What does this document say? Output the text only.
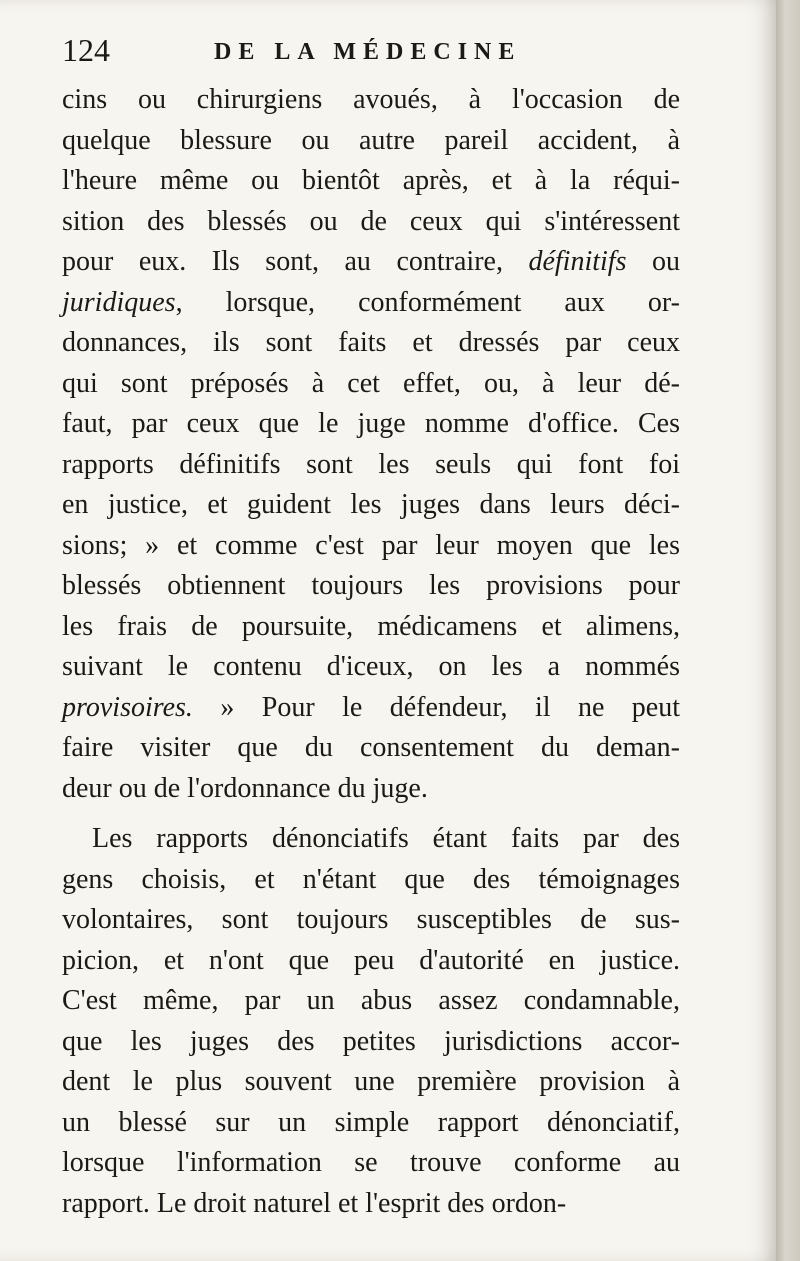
124	DE LA MÉDECINE
cins ou chirurgiens avoués, à l'occasion de
quelque blessure ou autre pareil accident, à
l'heure même ou bientôt après, et à la réqui-
sition des blessés ou de ceux qui s'intéressent
pour eux. Ils sont, au contraire, définitifs ou
juridiques, lorsque, conformément aux or-
donnances, ils sont faits et dressés par ceux
qui sont préposés à cet effet, ou, à leur dé-
faut, par ceux que le juge nomme d'office. Ces
rapports définitifs sont les seuls qui font foi
en justice, et guident les juges dans leurs déci-
sions; » et comme c'est par leur moyen que les
blessés obtiennent toujours les provisions pour
les frais de poursuite, médicamens et alimens,
suivant le contenu d'iceux, on les a nommés
provisoires. » Pour le défendeur, il ne peut
faire visiter que du consentement du deman-
deur ou de l'ordonnance du juge.
Les rapports dénonciatifs étant faits par des
gens choisis, et n'étant que des témoignages
volontaires, sont toujours susceptibles de sus-
picion, et n'ont que peu d'autorité en justice.
C'est même, par un abus assez condamnable,
que les juges des petites jurisdictions accor-
dent le plus souvent une première provision à
un blessé sur un simple rapport dénonciatif,
lorsque l'information se trouve conforme au
rapport. Le droit naturel et l'esprit des ordon-
